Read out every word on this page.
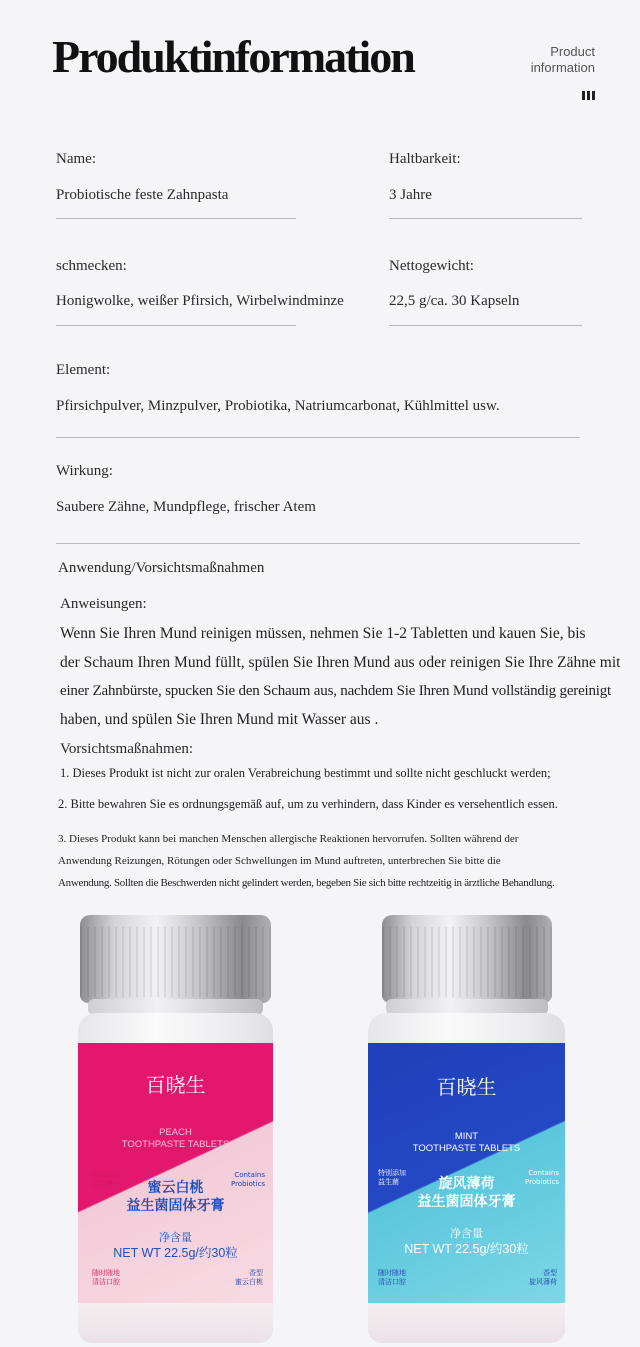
Produktinformation	Product information
Name:	Haltbarkeit:
Probiotische feste Zahnpasta	3 Jahre
schmecken:	Nettogewicht:
Honigwolke, weißer Pfirsich, Wirbelwindminze	22,5 g/ca. 30 Kapseln
Element:
Pfirsichpulver, Minzpulver, Probiotika, Natriumcarbonat, Kühlmittel usw.
Wirkung:
Saubere Zähne, Mundpflege, frischer Atem
Anwendung/Vorsichtsmaßnahmen
Anweisungen:
Wenn Sie Ihren Mund reinigen müssen, nehmen Sie 1-2 Tabletten und kauen Sie, bis
der Schaum Ihren Mund füllt, spülen Sie Ihren Mund aus oder reinigen Sie Ihre Zähne mit
einer Zahnbürste, spucken Sie den Schaum aus, nachdem Sie Ihren Mund vollständig gereinigt
haben, und spülen Sie Ihren Mund mit Wasser aus .
Vorsichtsmaßnahmen:
1. Dieses Produkt ist nicht zur oralen Verabreichung bestimmt und sollte nicht geschluckt werden;
2. Bitte bewahren Sie es ordnungsgemäß auf, um zu verhindern, dass Kinder es versehentlich essen.
3. Dieses Produkt kann bei manchen Menschen allergische Reaktionen hervorrufen. Sollten während der
Anwendung Reizungen, Rötungen oder Schwellungen im Mund auftreten, unterbrechen Sie bitte die
Anwendung. Sollten die Beschwerden nicht gelindert werden, begeben Sie sich bitte rechtzeitig in ärztliche Behandlung.
百晓生
PEACH
TOOTHPASTE TABLETS
特别添加
益生菌
Contains
Probiotics
蜜云白桃
益生菌固体牙膏
净含量
NET WT 22.5g/约30粒
随时随地
清洁口腔
香型
蜜云白桃
百晓生
MINT
TOOTHPASTE TABLETS
特别添加
益生菌
Contains
Probiotics
旋风薄荷
益生菌固体牙膏
净含量
NET WT 22.5g/约30粒
随时随地
清洁口腔
香型
旋风薄荷
